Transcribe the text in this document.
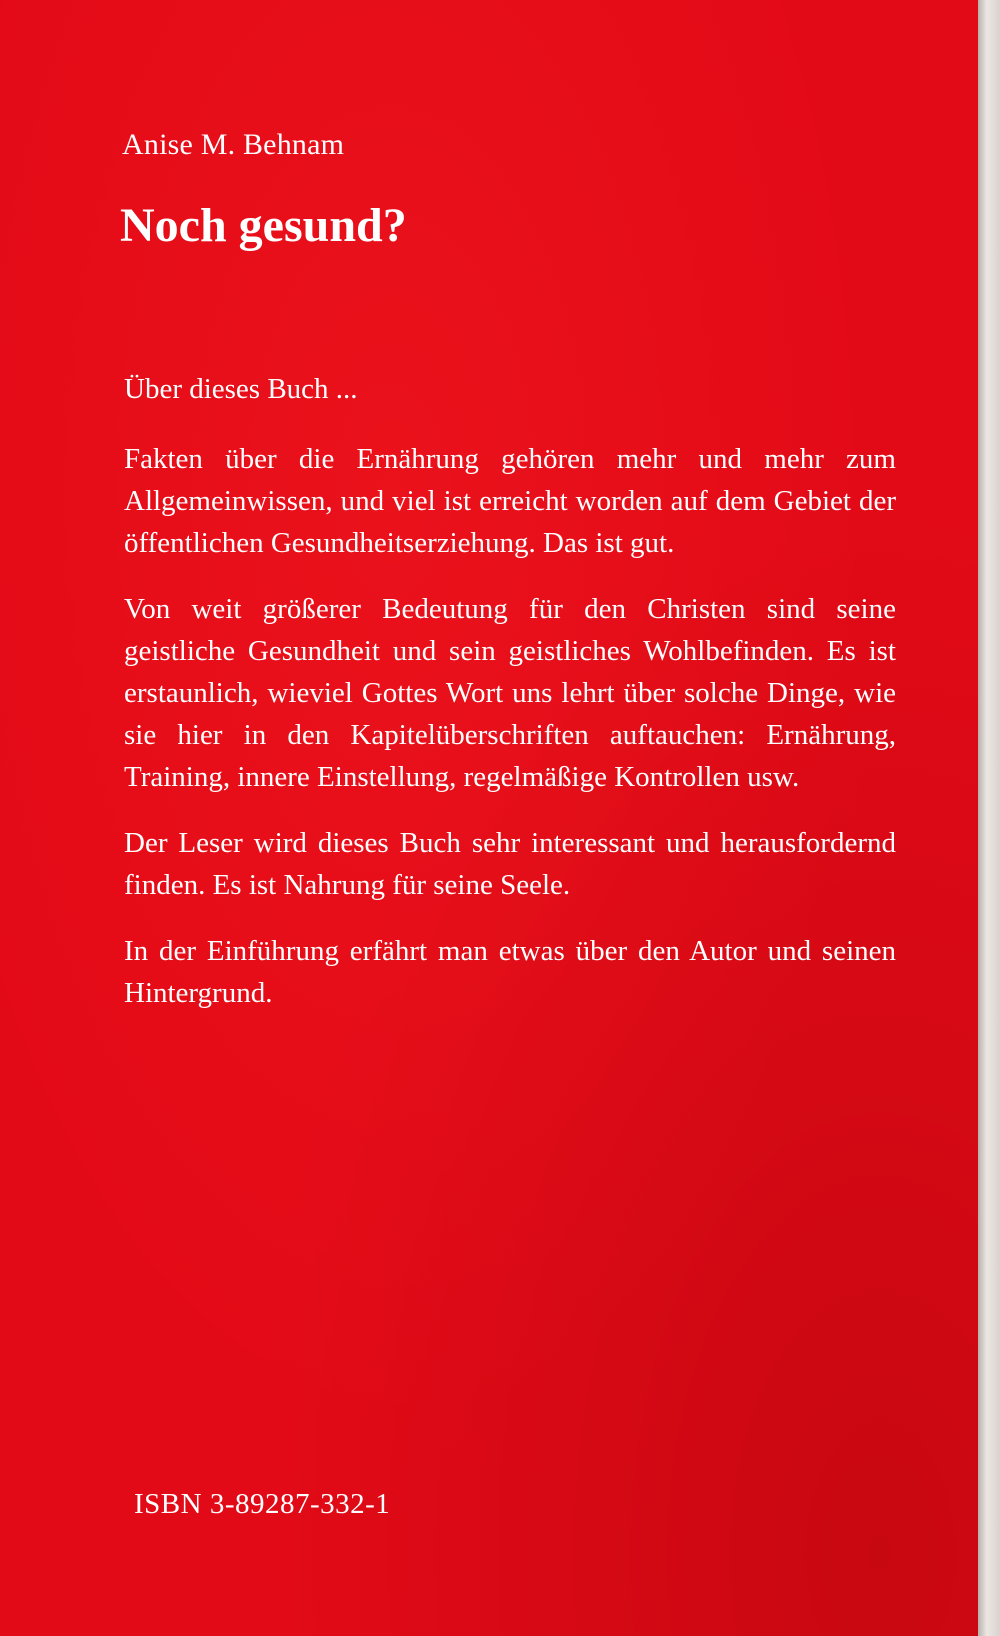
Anise M. Behnam

Noch gesund?

Über dieses Buch ...

Fakten über die Ernährung gehören mehr und mehr zum Allgemeinwissen, und viel ist erreicht worden auf dem Gebiet der öffentlichen Gesundheitserziehung. Das ist gut.

Von weit größerer Bedeutung für den Christen sind seine geistliche Gesundheit und sein geistliches Wohlbefinden. Es ist erstaunlich, wieviel Gottes Wort uns lehrt über solche Dinge, wie sie hier in den Kapitelüberschriften auftauchen: Ernährung, Training, innere Einstellung, regelmäßige Kontrollen usw.

Der Leser wird dieses Buch sehr interessant und herausfordernd finden. Es ist Nahrung für seine Seele.

In der Einführung erfährt man etwas über den Autor und seinen Hintergrund.

ISBN 3-89287-332-1
